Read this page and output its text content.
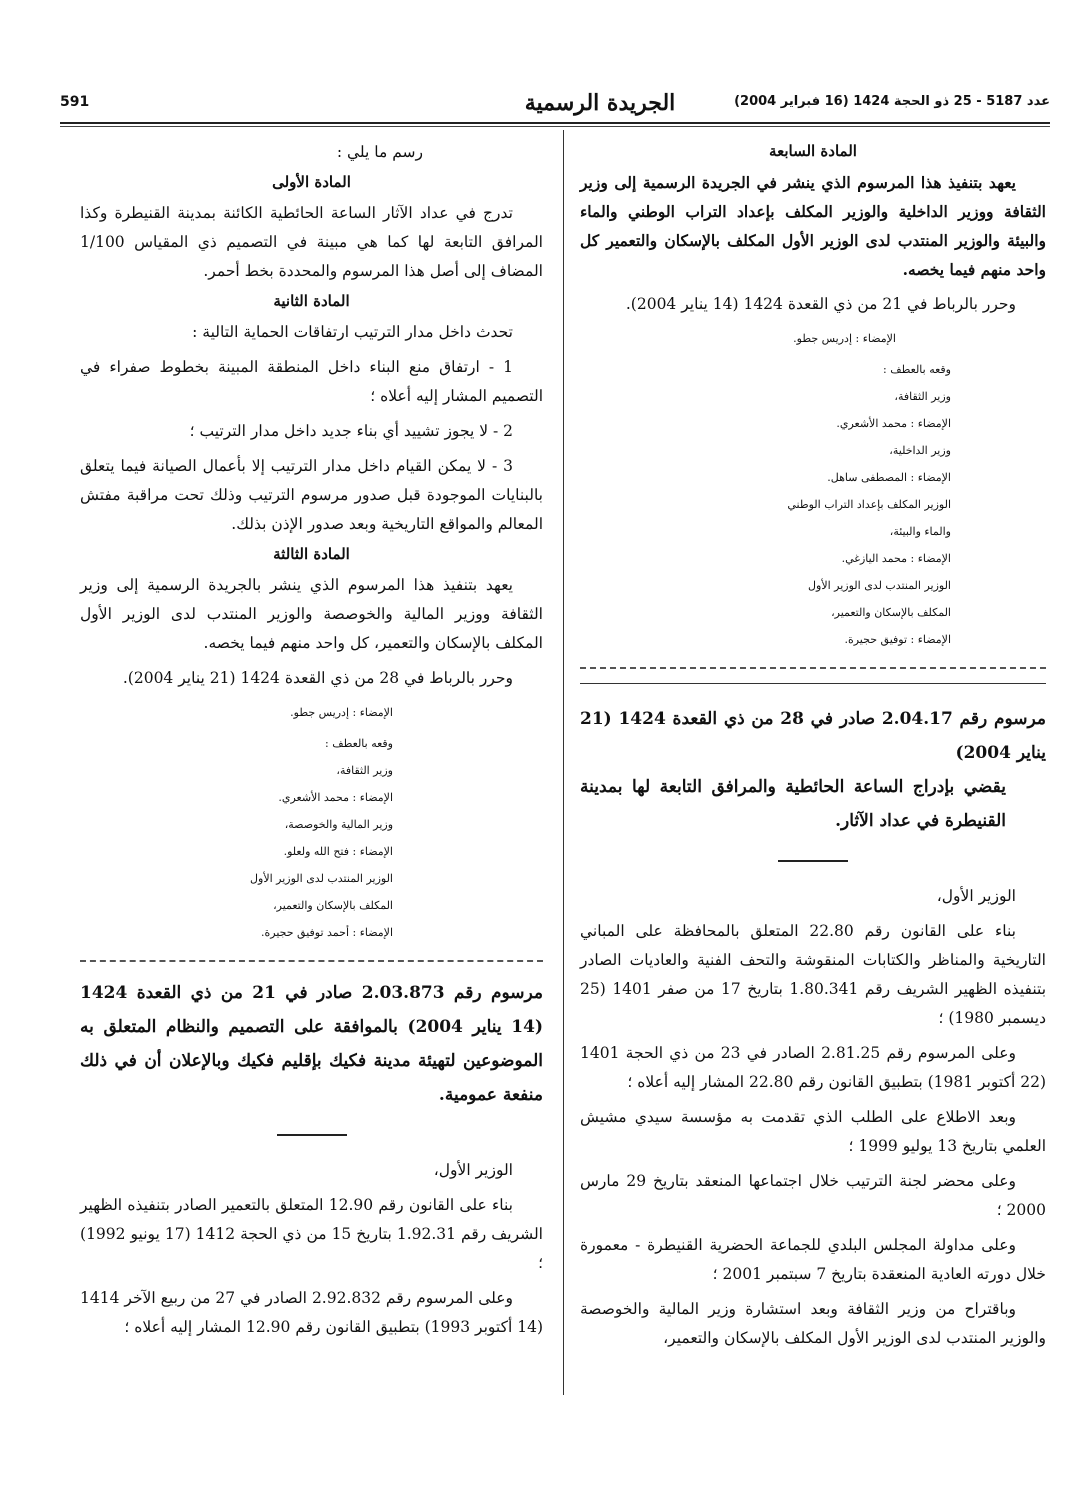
591	الجريدة الرسمية	عدد 5187 - 25 ذو الحجة 1424 (16 فبراير 2004)
المادة السابعة

يعهد بتنفيذ هذا المرسوم الذي ينشر في الجريدة الرسمية إلى وزير الثقافة ووزير الداخلية والوزير المكلف بإعداد التراب الوطني والماء والبيئة والوزير المنتدب لدى الوزير الأول المكلف بالإسكان والتعمير كل واحد منهم فيما يخصه.

وحرر بالرباط في 21 من ذي القعدة 1424 (14 يناير 2004).

الإمضاء : إدريس جطو.

وقعه بالعطف :

وزير الثقافة،

الإمضاء : محمد الأشعري.

وزير الداخلية،

الإمضاء : المصطفى ساهل.

الوزير المكلف بإعداد التراب الوطني

والماء والبيئة،

الإمضاء : محمد اليازغي.

الوزير المنتدب لدى الوزير الأول

المكلف بالإسكان والتعمير،

الإمضاء : توفيق حجيرة.

مرسوم رقم 2.04.17 صادر في 28 من ذي القعدة 1424 (21 يناير 2004)

يقضي بإدراج الساعة الحائطية والمرافق التابعة لها بمدينة القنيطرة في عداد الآثار.

الوزير الأول،

بناء على القانون رقم 22.80 المتعلق بالمحافظة على المباني التاريخية والمناظر والكتابات المنقوشة والتحف الفنية والعاديات الصادر بتنفيذه الظهير الشريف رقم 1.80.341 بتاريخ 17 من صفر 1401 (25 ديسمبر 1980) ؛

وعلى المرسوم رقم 2.81.25 الصادر في 23 من ذي الحجة 1401 (22 أكتوبر 1981) بتطبيق القانون رقم 22.80 المشار إليه أعلاه ؛

وبعد الاطلاع على الطلب الذي تقدمت به مؤسسة سيدي مشيش العلمي بتاريخ 13 يوليو 1999 ؛

وعلى محضر لجنة الترتيب خلال اجتماعها المنعقد بتاريخ 29 مارس 2000 ؛

وعلى مداولة المجلس البلدي للجماعة الحضرية القنيطرة - معمورة خلال دورته العادية المنعقدة بتاريخ 7 سبتمبر 2001 ؛

وباقتراح من وزير الثقافة وبعد استشارة وزير المالية والخوصصة والوزير المنتدب لدى الوزير الأول المكلف بالإسكان والتعمير،

رسم ما يلي :

المادة الأولى

تدرج في عداد الآثار الساعة الحائطية الكائنة بمدينة القنيطرة وكذا المرافق التابعة لها كما هي مبينة في التصميم ذي المقياس 1/100 المضاف إلى أصل هذا المرسوم والمحددة بخط أحمر.

المادة الثانية

تحدث داخل مدار الترتيب ارتفاقات الحماية التالية :

1 - ارتفاق منع البناء داخل المنطقة المبينة بخطوط صفراء في التصميم المشار إليه أعلاه ؛

2 - لا يجوز تشييد أي بناء جديد داخل مدار الترتيب ؛

3 - لا يمكن القيام داخل مدار الترتيب إلا بأعمال الصيانة فيما يتعلق بالبنايات الموجودة قبل صدور مرسوم الترتيب وذلك تحت مراقبة مفتش المعالم والمواقع التاريخية وبعد صدور الإذن بذلك.

المادة الثالثة

يعهد بتنفيذ هذا المرسوم الذي ينشر بالجريدة الرسمية إلى وزير الثقافة ووزير المالية والخوصصة والوزير المنتدب لدى الوزير الأول المكلف بالإسكان والتعمير، كل واحد منهم فيما يخصه.

وحرر بالرباط في 28 من ذي القعدة 1424 (21 يناير 2004).

الإمضاء : إدريس جطو.

وقعه بالعطف :

وزير الثقافة،

الإمضاء : محمد الأشعري.

وزير المالية والخوصصة،

الإمضاء : فتح الله ولعلو.

الوزير المنتدب لدى الوزير الأول

المكلف بالإسكان والتعمير،

الإمضاء : أحمد توفيق حجيرة.

مرسوم رقم 2.03.873 صادر في 21 من ذي القعدة 1424 (14 يناير 2004) بالموافقة على التصميم والنظام المتعلق به الموضوعين لتهيئة مدينة فكيك بإقليم فكيك وبالإعلان أن في ذلك منفعة عمومية.

الوزير الأول،

بناء على القانون رقم 12.90 المتعلق بالتعمير الصادر بتنفيذه الظهير الشريف رقم 1.92.31 بتاريخ 15 من ذي الحجة 1412 (17 يونيو 1992) ؛

وعلى المرسوم رقم 2.92.832 الصادر في 27 من ربيع الآخر 1414 (14 أكتوبر 1993) بتطبيق القانون رقم 12.90 المشار إليه أعلاه ؛
